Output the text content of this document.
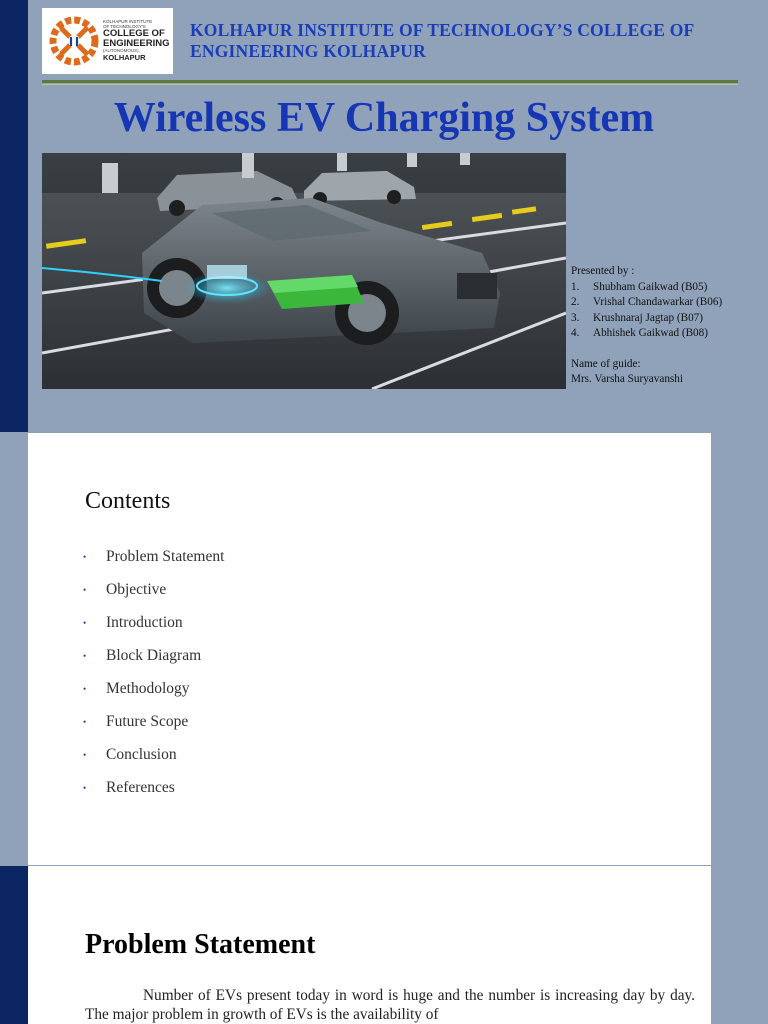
KOLHAPUR INSTITUTE
OF TECHNOLOGY'S
COLLEGE OF
ENGINEERING
(AUTONOMOUS),
KOLHAPUR
KOLHAPUR INSTITUTE OF TECHNOLOGY’S COLLEGE OF ENGINEERING KOLHAPUR
Wireless EV Charging System
Presented by :
1.	Shubham Gaikwad (B05)
2.	Vrishal Chandawarkar (B06)
3.	Krushnaraj Jagtap (B07)
4.	Abhishek Gaikwad (B08)
Name of guide:
Mrs. Varsha Suryavanshi
Contents
•	Problem Statement
•	Objective
•	Introduction
•	Block Diagram
•	Methodology
•	Future Scope
•	Conclusion
•	References
Problem Statement
Number of EVs present today in word is huge and the number is increasing day by day. The major problem in growth of EVs is the availability of
